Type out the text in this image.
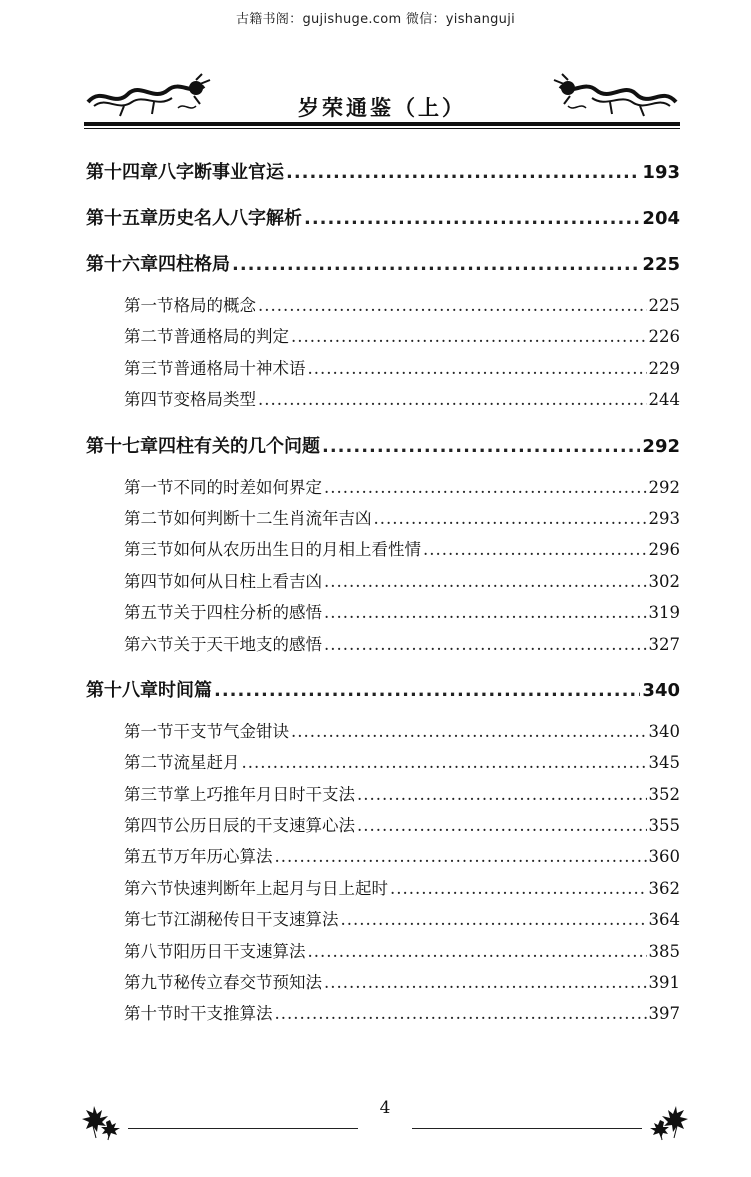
古籍书阁：gujishuge.com 微信：yishanguji
岁荣通鉴（上）
第十四章 八字断事业官运 .....	193
第十五章 历史名人八字解析 .....	204
第十六章 四柱格局 .....	225
第一节 格局的概念 .....	225
第二节 普通格局的判定 .....	226
第三节 普通格局十神术语 .....	229
第四节 变格局类型 .....	244
第十七章 四柱有关的几个问题 .....	292
第一节 不同的时差如何界定 .....	292
第二节 如何判断十二生肖流年吉凶 .....	293
第三节 如何从农历出生日的月相上看性情 .....	296
第四节 如何从日柱上看吉凶 .....	302
第五节 关于四柱分析的感悟 .....	319
第六节 关于天干地支的感悟 .....	327
第十八章 时间篇 .....	340
第一节 干支节气金钳诀 .....	340
第二节 流星赶月 .....	345
第三节 掌上巧推年月日时干支法 .....	352
第四节 公历日辰的干支速算心法 .....	355
第五节 万年历心算法 .....	360
第六节 快速判断年上起月与日上起时 .....	362
第七节 江湖秘传日干支速算法 .....	364
第八节 阳历日干支速算法 .....	385
第九节 秘传立春交节预知法 .....	391
第十节 时干支推算法 .....	397
4
